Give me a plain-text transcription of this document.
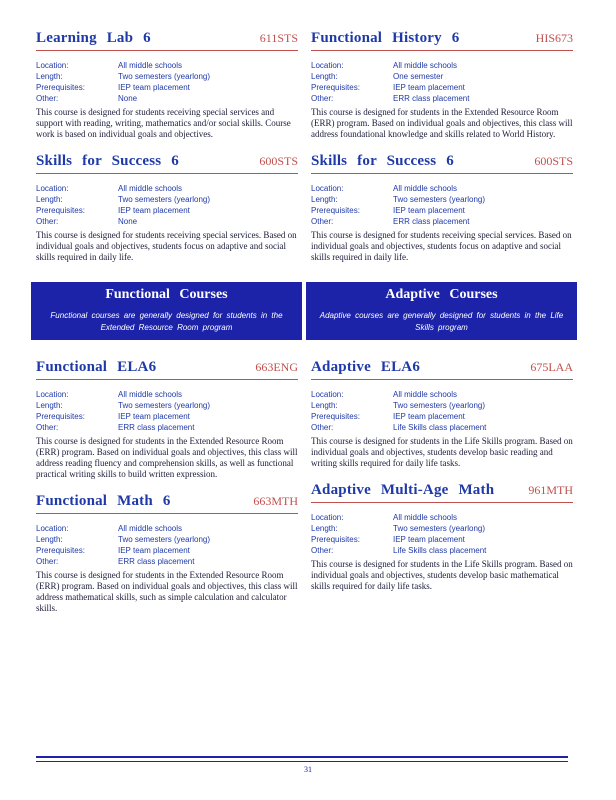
Learning Lab 6	611STS
Location:	All middle schools
Length:	Two semesters (yearlong)
Prerequisites:	IEP team placement
Other:	None
This course is designed for students receiving special services and support with reading, writing, mathematics and/or social skills. Course work is based on individual goals and objectives.
Skills for Success 6	600STS
Location:	All middle schools
Length:	Two semesters (yearlong)
Prerequisites:	IEP team placement
Other:	None
This course is designed for students receiving special services. Based on individual goals and objectives, students focus on adaptive and social skills required in daily life.
Functional Courses
Functional courses are generally designed for students in the Extended Resource Room program
Functional ELA6	663ENG
Location:	All middle schools
Length:	Two semesters (yearlong)
Prerequisites:	IEP team placement
Other:	ERR class placement
This course is designed for students in the Extended Resource Room (ERR) program. Based on individual goals and objectives, this class will address reading fluency and comprehension skills, as well as functional practical writing skills to build written expression.
Functional Math 6	663MTH
Location:	All middle schools
Length:	Two semesters (yearlong)
Prerequisites:	IEP team placement
Other:	ERR class placement
This course is designed for students in the Extended Resource Room (ERR) program. Based on individual goals and objectives, this class will address mathematical skills, such as simple calculation and calculator skills.
Functional History 6	HIS673
Location:	All middle schools
Length:	One semester
Prerequisites:	IEP team placement
Other:	ERR class placement
This course is designed for students in the Extended Resource Room (ERR) program. Based on individual goals and objectives, this class will address foundational knowledge and skills related to World History.
Skills for Success 6	600STS
Location:	All middle schools
Length:	Two semesters (yearlong)
Prerequisites:	IEP team placement
Other:	ERR class placement
This course is designed for students receiving special services. Based on individual goals and objectives, students focus on adaptive and social skills required in daily life.
Adaptive Courses
Adaptive courses are generally designed for students in the Life Skills program
Adaptive ELA6	675LAA
Location:	All middle schools
Length:	Two semesters (yearlong)
Prerequisites:	IEP team placement
Other:	Life Skills class placement
This course is designed for students in the Life Skills program. Based on individual goals and objectives, students develop basic reading and writing skills required for daily life tasks.
Adaptive Multi-Age Math	961MTH
Location:	All middle schools
Length:	Two semesters (yearlong)
Prerequisites:	IEP team placement
Other:	Life Skills class placement
This course is designed for students in the Life Skills program. Based on individual goals and objectives, students develop basic mathematical skills required for daily life tasks.
31
